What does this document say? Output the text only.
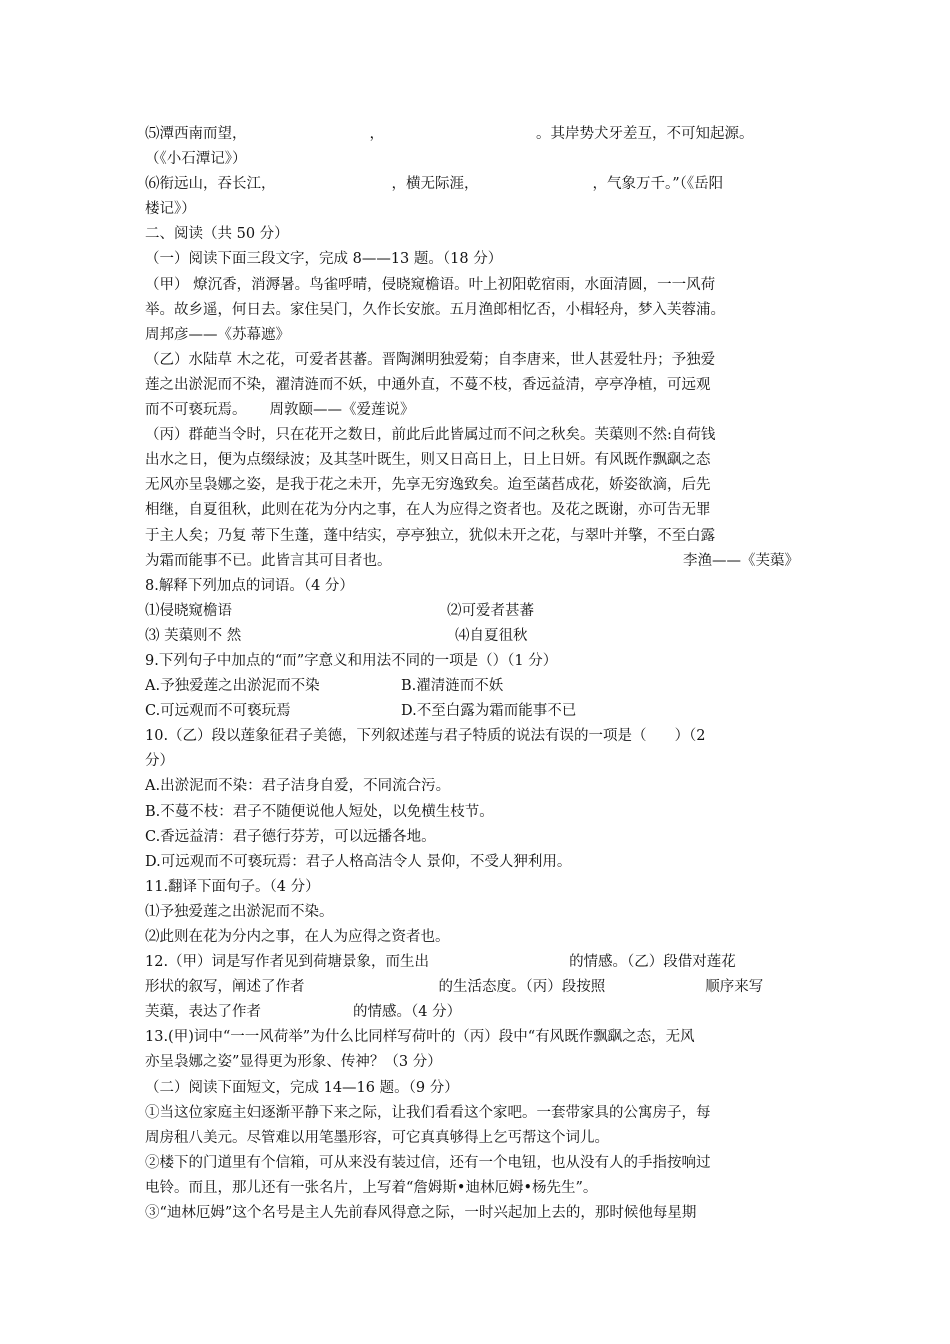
⑸潭西南而望，	，	。其岸势犬牙差互，不可知起源。
（《小石潭记》）
⑹衔远山，吞长江，	，横无际涯，	，气象万千。”（《岳阳
楼记》）
二、阅读（共 50 分）
（一）阅读下面三段文字，完成 8——13 题。（18 分）
（甲） 燎沉香，消溽暑。鸟雀呼晴，侵晓窥檐语。叶上初阳乾宿雨，水面清圆，一一风荷
举。故乡遥，何日去。家住吴门，久作长安旅。五月渔郎相忆否，小楫轻舟，梦入芙蓉浦。
周邦彦——《苏幕遮》
（乙）水陆草 木之花，可爱者甚蕃。晋陶渊明独爱菊；自李唐来，世人甚爱牡丹；予独爱
莲之出淤泥而不染，濯清涟而不妖，中通外直，不蔓不枝，香远益清，亭亭净植，可远观
而不可亵玩焉。     周敦颐——《爱莲说》
（丙）群葩当令时，只在花开之数日，前此后此皆属过而不问之秋矣。芙蕖则不然:自荷钱
出水之日，便为点缀绿波；及其茎叶既生，则又日高日上，日上日妍。有风既作飘飖之态
无风亦呈袅娜之姿，是我于花之未开，先享无穷逸致矣。迨至菡萏成花，娇姿欲滴，后先
相继，自夏徂秋，此则在花为分内之事，在人为应得之资者也。及花之既谢，亦可告无罪
于主人矣；乃复 蒂下生蓬，蓬中结实，亭亭独立，犹似未开之花，与翠叶并擎，不至白露
为霜而能事不已。此皆言其可目者也。	李渔——《芙蕖》
8.解释下列加点的词语。（4 分）
⑴侵晓窥檐语	⑵可爱者甚蕃
⑶ 芙蕖则不 然	⑷自夏徂秋
9.下列句子中加点的“而”字意义和用法不同的一项是（）（1 分）
A.予独爱莲之出淤泥而不染	B.濯清涟而不妖
C.可远观而不可亵玩焉	D.不至白露为霜而能事不已
10.（乙）段以莲象征君子美德，下列叙述莲与君子特质的说法有误的一项是（ ）（2
分）
A.出淤泥而不染：君子洁身自爱，不同流合污。
B.不蔓不枝：君子不随便说他人短处，以免横生枝节。
C.香远益清：君子德行芬芳，可以远播各地。
D.可远观而不可亵玩焉：君子人格高洁令人 景仰，不受人狎利用。
11.翻译下面句子。（4 分）
⑴予独爱莲之出淤泥而不染。
⑵此则在花为分内之事，在人为应得之资者也。
12.（甲）词是写作者见到荷塘景象，而生出	的情感。（乙）段借对莲花
形状的叙写，阐述了作者	的生活态度。（丙）段按照	顺序来写
芙蕖，表达了作者	的情感。（4 分）
13.(甲)词中“一一风荷举”为什么比同样写荷叶的（丙）段中“有风既作飘飖之态，无风
亦呈袅娜之姿”显得更为形象、传神？（3 分）
（二）阅读下面短文，完成 14—16 题。（9 分）
①当这位家庭主妇逐渐平静下来之际，让我们看看这个家吧。一套带家具的公寓房子，每
周房租八美元。尽管难以用笔墨形容，可它真真够得上乞丐帮这个词儿。
②楼下的门道里有个信箱，可从来没有装过信，还有一个电钮，也从没有人的手指按响过
电铃。而且，那儿还有一张名片，上写着“詹姆斯•迪林厄姆•杨先生”。
③“迪林厄姆”这个名号是主人先前春风得意之际，一时兴起加上去的，那时候他每星期
